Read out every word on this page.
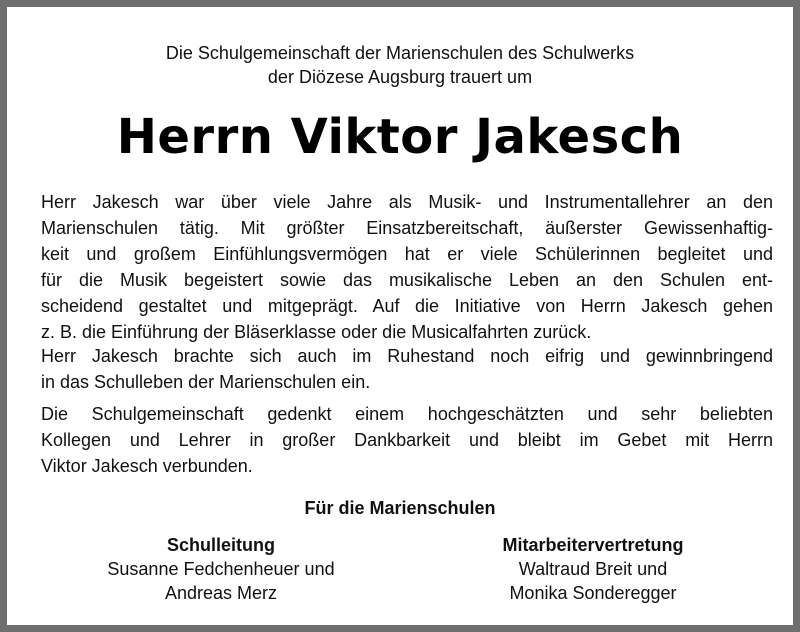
Die Schulgemeinschaft der Marienschulen des Schulwerks
der Diözese Augsburg trauert um
Herrn Viktor Jakesch
Herr Jakesch war über viele Jahre als Musik- und Instrumentallehrer an den
Marienschulen tätig. Mit größter Einsatzbereitschaft, äußerster Gewissenhaftig-
keit und großem Einfühlungsvermögen hat er viele Schülerinnen begleitet und
für die Musik begeistert sowie das musikalische Leben an den Schulen ent-
scheidend gestaltet und mitgeprägt. Auf die Initiative von Herrn Jakesch gehen
z. B. die Einführung der Bläserklasse oder die Musicalfahrten zurück.
Herr Jakesch brachte sich auch im Ruhestand noch eifrig und gewinnbringend
in das Schulleben der Marienschulen ein.
Die Schulgemeinschaft gedenkt einem hochgeschätzten und sehr beliebten
Kollegen und Lehrer in großer Dankbarkeit und bleibt im Gebet mit Herrn
Viktor Jakesch verbunden.
Für die Marienschulen
Schulleitung
Susanne Fedchenheuer und
Andreas Merz
Mitarbeitervertretung
Waltraud Breit und
Monika Sonderegger
